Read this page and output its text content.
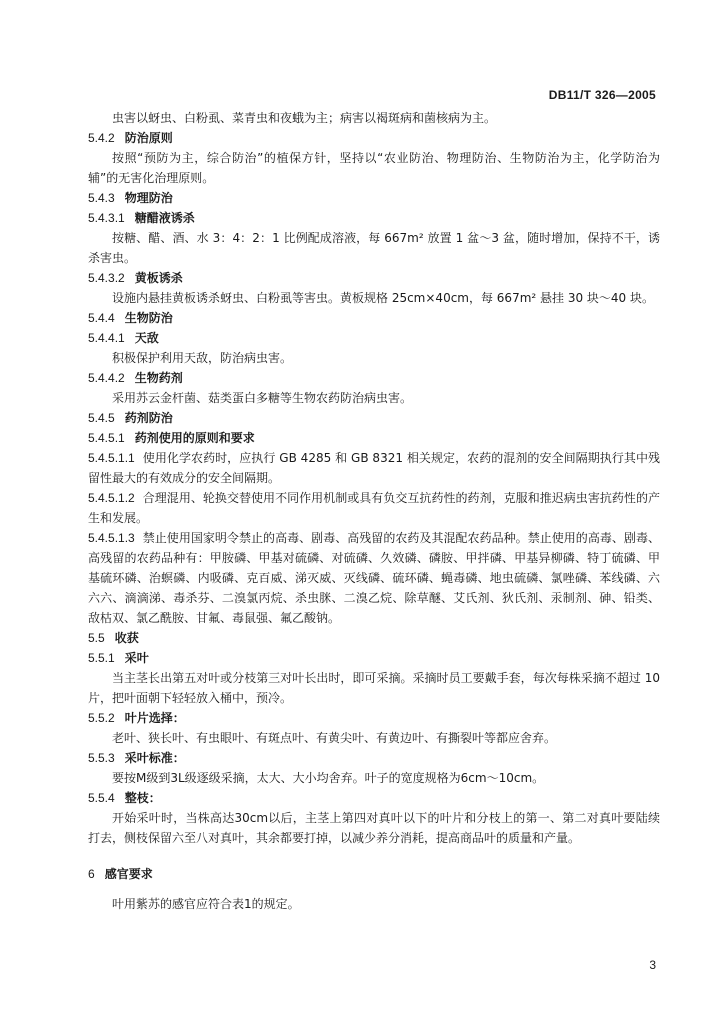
DB11/T 326—2005
虫害以蚜虫、白粉虱、菜青虫和夜蛾为主；病害以褐斑病和菌核病为主。
5.4.2 防治原则
按照“预防为主，综合防治”的植保方针，坚持以“农业防治、物理防治、生物防治为主，化学防治为辅”的无害化治理原则。
5.4.3 物理防治
5.4.3.1 糖醋液诱杀
按糖、醋、酒、水 3：4：2：1 比例配成溶液，每 667m² 放置 1 盆～3 盆，随时增加，保持不干，诱杀害虫。
5.4.3.2 黄板诱杀
设施内悬挂黄板诱杀蚜虫、白粉虱等害虫。黄板规格 25cm×40cm，每 667m² 悬挂 30 块～40 块。
5.4.4 生物防治
5.4.4.1 天敌
积极保护利用天敌，防治病虫害。
5.4.4.2 生物药剂
采用苏云金杆菌、菇类蛋白多糖等生物农药防治病虫害。
5.4.5 药剂防治
5.4.5.1 药剂使用的原则和要求
5.4.5.1.1 使用化学农药时，应执行 GB 4285 和 GB 8321 相关规定，农药的混剂的安全间隔期执行其中残留性最大的有效成分的安全间隔期。
5.4.5.1.2 合理混用、轮换交替使用不同作用机制或具有负交互抗药性的药剂，克服和推迟病虫害抗药性的产生和发展。
5.4.5.1.3 禁止使用国家明令禁止的高毒、剧毒、高残留的农药及其混配农药品种。禁止使用的高毒、剧毒、高残留的农药品种有：甲胺磷、甲基对硫磷、对硫磷、久效磷、磷胺、甲拌磷、甲基异柳磷、特丁硫磷、甲基硫环磷、治螟磷、内吸磷、克百威、涕灭威、灭线磷、硫环磷、蝇毒磷、地虫硫磷、氯唑磷、苯线磷、六六六、滴滴涕、毒杀芬、二溴氯丙烷、杀虫脒、二溴乙烷、除草醚、艾氏剂、狄氏剂、汞制剂、砷、铅类、敌枯双、氯乙酰胺、甘氟、毒鼠强、氟乙酸钠。
5.5 收获
5.5.1 采叶
当主茎长出第五对叶或分枝第三对叶长出时，即可采摘。采摘时员工要戴手套，每次每株采摘不超过 10 片，把叶面朝下轻轻放入桶中，预冷。
5.5.2 叶片选择：
老叶、狭长叶、有虫眼叶、有斑点叶、有黄尖叶、有黄边叶、有撕裂叶等都应舍弃。
5.5.3 采叶标准：
要按M级到3L级逐级采摘，太大、大小均舍弃。叶子的宽度规格为6cm～10cm。
5.5.4 整枝：
开始采叶时，当株高达30cm以后，主茎上第四对真叶以下的叶片和分枝上的第一、第二对真叶要陆续打去，侧枝保留六至八对真叶，其余都要打掉，以减少养分消耗，提高商品叶的质量和产量。
6 感官要求
叶用紫苏的感官应符合表1的规定。
3
